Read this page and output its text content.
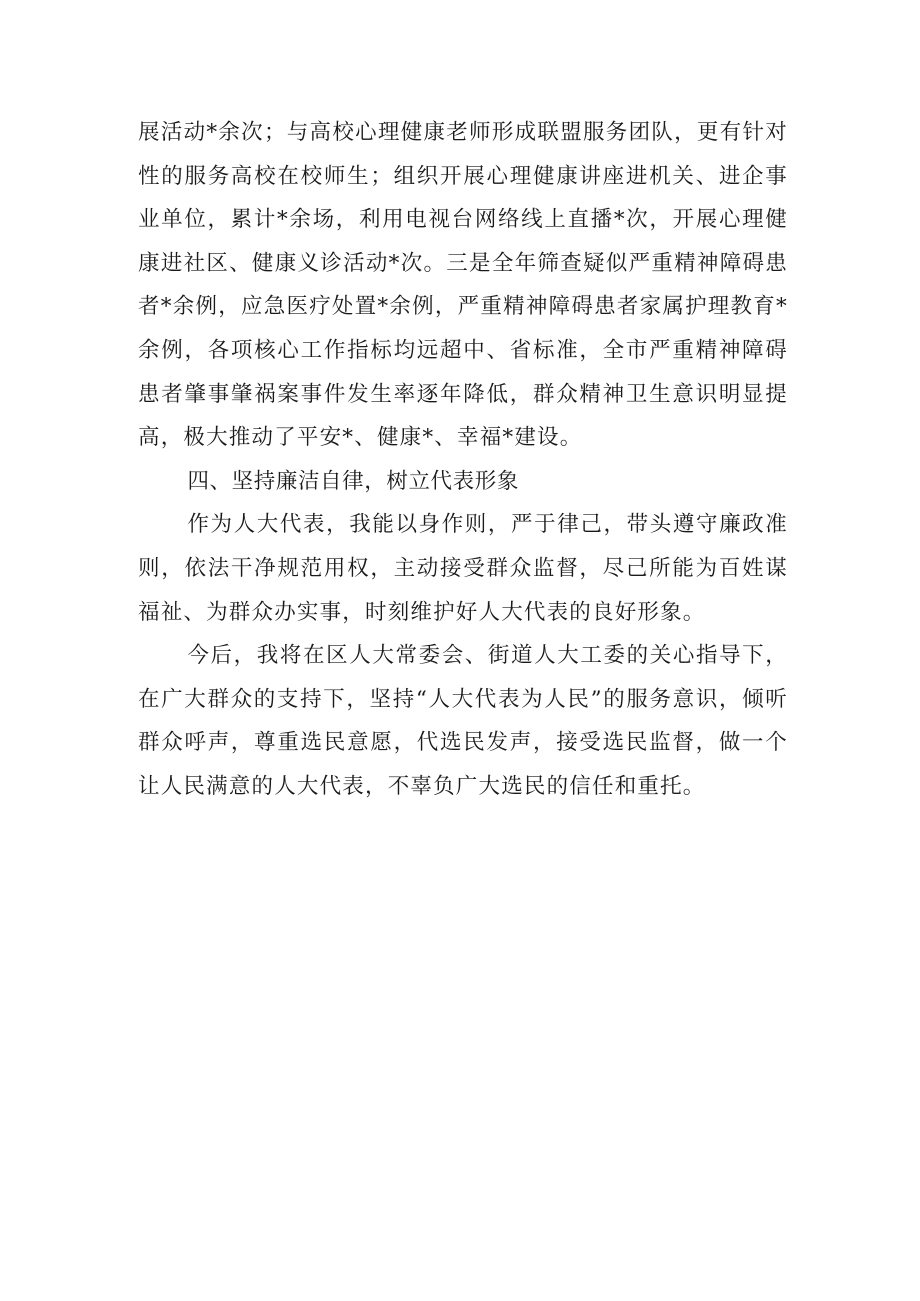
展活动*余次；与高校心理健康老师形成联盟服务团队，更有针对性的服务高校在校师生；组织开展心理健康讲座进机关、进企事业单位，累计*余场，利用电视台网络线上直播*次，开展心理健康进社区、健康义诊活动*次。三是全年筛查疑似严重精神障碍患者*余例，应急医疗处置*余例，严重精神障碍患者家属护理教育*余例，各项核心工作指标均远超中、省标准，全市严重精神障碍患者肇事肇祸案事件发生率逐年降低，群众精神卫生意识明显提高，极大推动了平安*、健康*、幸福*建设。

四、坚持廉洁自律，树立代表形象

作为人大代表，我能以身作则，严于律己，带头遵守廉政准则，依法干净规范用权，主动接受群众监督，尽己所能为百姓谋福祉、为群众办实事，时刻维护好人大代表的良好形象。

今后，我将在区人大常委会、街道人大工委的关心指导下，在广大群众的支持下，坚持“人大代表为人民”的服务意识，倾听群众呼声，尊重选民意愿，代选民发声，接受选民监督，做一个让人民满意的人大代表，不辜负广大选民的信任和重托。
